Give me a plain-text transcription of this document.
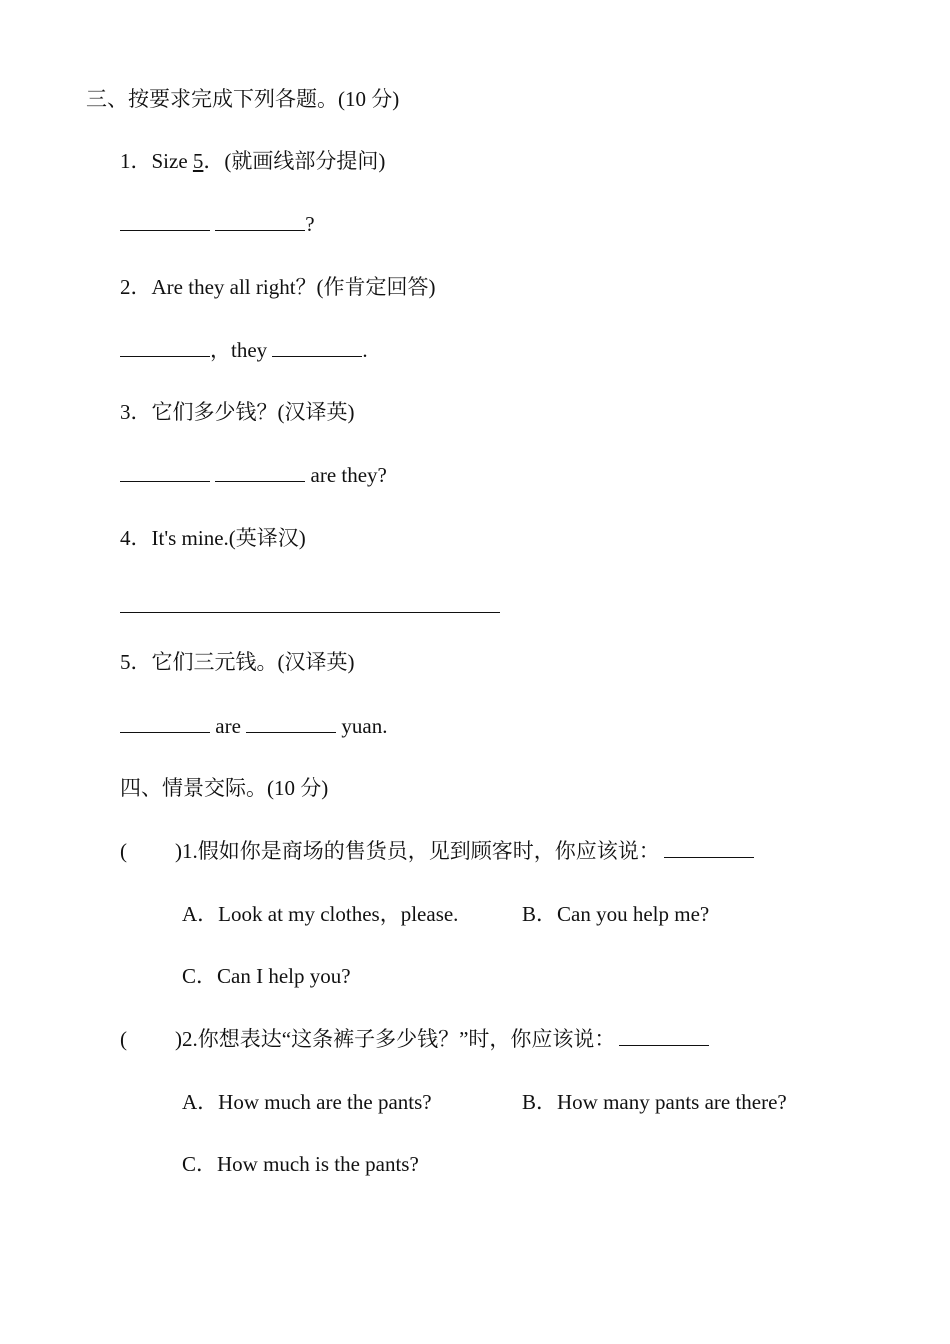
三、按要求完成下列各题。(10 分)
1．Size 5．(就画线部分提问)
?
2．Are they all right？(作肯定回答)
，they	.
3．它们多少钱？(汉译英)
are they?
4．It's mine.(英译汉)
5．它们三元钱。(汉译英)
are	yuan.
四、情景交际。(10 分)
( )1.假如你是商场的售货员，见到顾客时，你应该说：
A．Look at my clothes，please.	B．Can you help me?
C．Can I help you?
( )2.你想表达“这条裤子多少钱？”时，你应该说：
A．How much are the pants?	B．How many pants are there?
C．How much is the pants?
